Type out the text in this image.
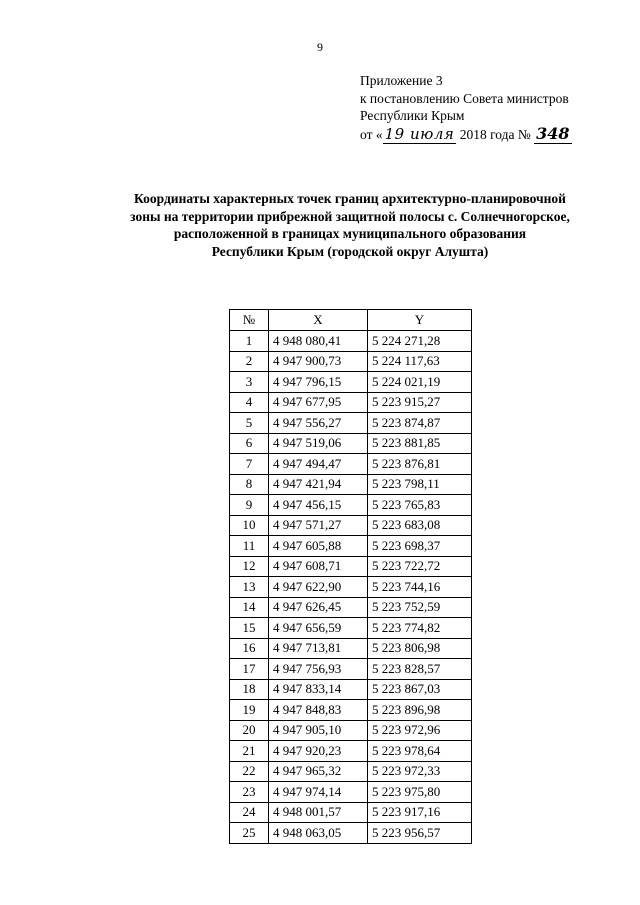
9
Приложение 3
к постановлению Совета министров
Республики Крым
от « 19 июля 2018 года № 348
Координаты характерных точек границ архитектурно-планировочной
зоны на территории прибрежной защитной полосы с. Солнечногорское,
расположенной в границах муниципального образования
Республики Крым (городской округ Алушта)
№	X	Y
1	4 948 080,41	5 224 271,28
2	4 947 900,73	5 224 117,63
3	4 947 796,15	5 224 021,19
4	4 947 677,95	5 223 915,27
5	4 947 556,27	5 223 874,87
6	4 947 519,06	5 223 881,85
7	4 947 494,47	5 223 876,81
8	4 947 421,94	5 223 798,11
9	4 947 456,15	5 223 765,83
10	4 947 571,27	5 223 683,08
11	4 947 605,88	5 223 698,37
12	4 947 608,71	5 223 722,72
13	4 947 622,90	5 223 744,16
14	4 947 626,45	5 223 752,59
15	4 947 656,59	5 223 774,82
16	4 947 713,81	5 223 806,98
17	4 947 756,93	5 223 828,57
18	4 947 833,14	5 223 867,03
19	4 947 848,83	5 223 896,98
20	4 947 905,10	5 223 972,96
21	4 947 920,23	5 223 978,64
22	4 947 965,32	5 223 972,33
23	4 947 974,14	5 223 975,80
24	4 948 001,57	5 223 917,16
25	4 948 063,05	5 223 956,57
